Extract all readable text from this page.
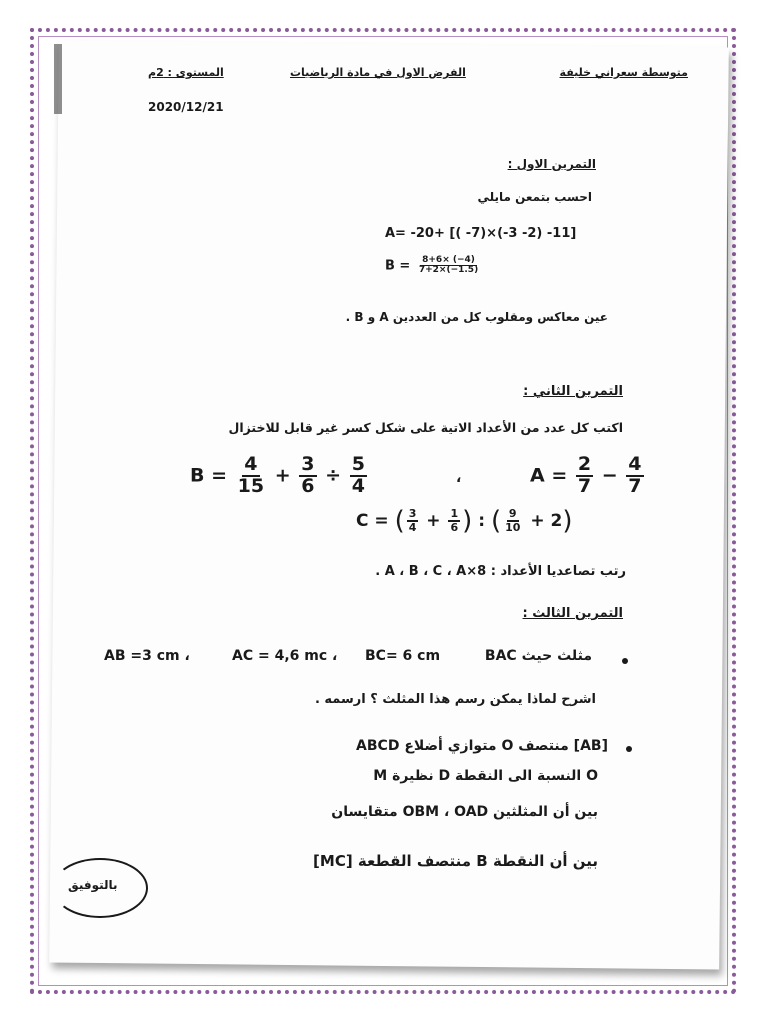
متوسطة سعراني خليفة
الفرض الاول في مادة الرياضيات
المستوى : 2م
2020/12/21
التمرين الاول :
احسب بتمعن مايلي
A= -20+ [( -7)×(-3 -2) -11]
$B = \frac{8+6\times (-4)}{7+2\times(-1.5)}$
عين معاكس ومقلوب كل من العددين A و B .
التمرين الثاني :
اكتب كل عدد من الأعداد الاتية على شكل كسر غير قابل للاختزال
$B = \frac{4}{15} + \frac{3}{6} \div \frac{5}{4}$	،	$A = \frac{2}{7} - \frac{4}{7}$
C = ( $\frac{3}{4} + \frac{1}{6}$ ) : ( $\frac{9}{10} + 2$)
رتب تصاعديا الأعداد : A ، B ، C ، A×8 .
التمرين الثالث :
BAC مثلث حيث
BC= 6 cm
AC = 4,6 mc ،
AB =3 cm ،
اشرح لماذا يمكن رسم هذا المثلث ؟ ارسمه .
ABCD متوازي أضلاع O منتصف [AB]
M نظيرة D النسبة الى النقطة O
بين أن المثلثين OBM ، OAD متقايسان
بين أن النقطة B منتصف القطعة [MC]
بالتوفيق
